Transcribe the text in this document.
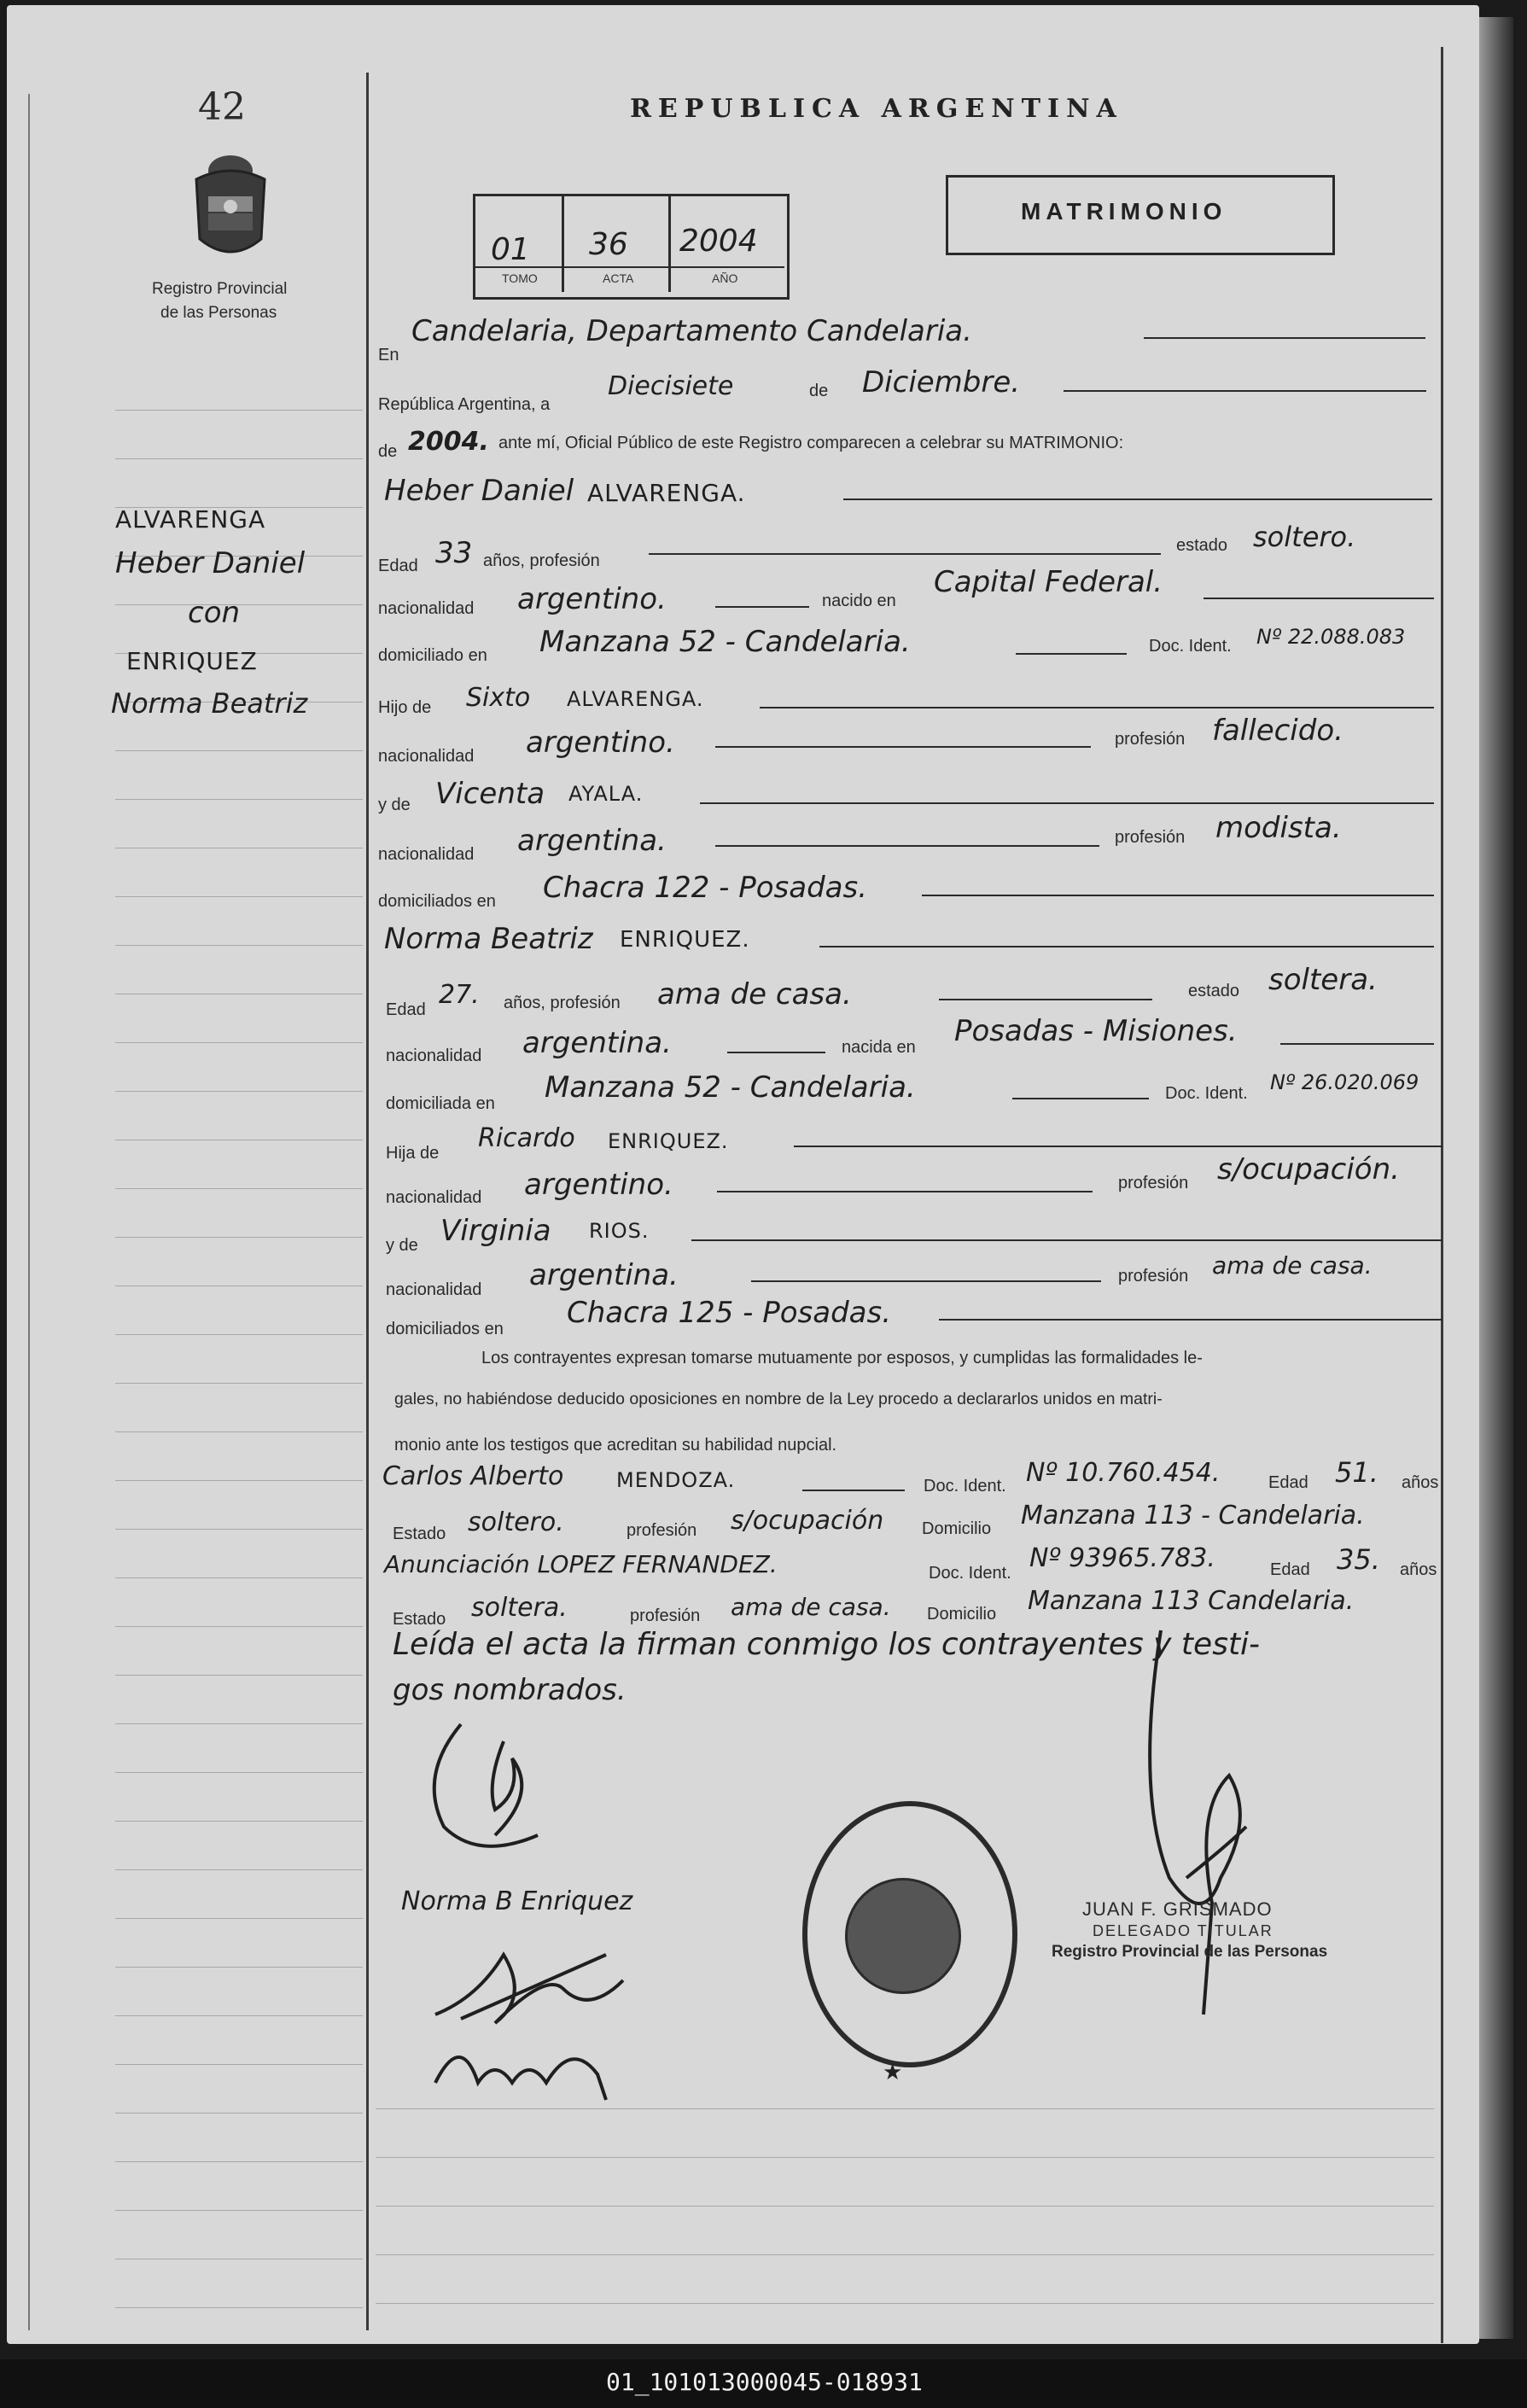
42
Registro Provincial
de las Personas
REPUBLICA ARGENTINA
01 36 2004
TOMO	ACTA	AÑO
MATRIMONIO
ALVARENGA
Heber Daniel
con
ENRIQUEZ
Norma Beatriz
En
Candelaria, Departamento Candelaria.
República Argentina, a
Diecisiete	de Diciembre.
de 2004. ante mí, Oficial Público de este Registro comparecen a celebrar su MATRIMONIO:
Heber Daniel ALVARENGA.
Edad 33 años, profesión
estado soltero.
nacionalidad argentino.	nacido en
Capital Federal.
domiciliado en Manzana 52 - Candelaria.	Doc. Ident. Nº 22.088.083
Hijo de Sixto ALVARENGA.
nacionalidad argentino.	profesión fallecido.
y de Vicenta AYALA.
nacionalidad argentina.	profesión modista.
domiciliados en Chacra 122 - Posadas.
Norma Beatriz ENRIQUEZ.
Edad 27. años, profesión ama de casa.	estado soltera.
nacionalidad argentina.	nacida en Posadas - Misiones.
domiciliada en Manzana 52 - Candelaria.	Doc. Ident. Nº 26.020.069
Hija de Ricardo ENRIQUEZ.
nacionalidad argentino.	profesión s/ocupación.
y de Virginia RIOS.
nacionalidad argentina.	profesión ama de casa.
domiciliados en Chacra 125 - Posadas.
Los contrayentes expresan tomarse mutuamente por esposos, y cumplidas las formalidades le-
gales, no habiéndose deducido oposiciones en nombre de la Ley procedo a declararlos unidos en matri-
monio ante los testigos que acreditan su habilidad nupcial.
Carlos Alberto	MENDOZA.	Doc. Ident. Nº 10.760.454.	Edad 51. años
Estado soltero.	profesión s/ocupación Domicilio Manzana 113 - Candelaria.
Anunciación LOPEZ FERNANDEZ.	Doc. Ident. Nº 93965.783.	Edad 35. años
Estado soltera.	profesión ama de casa. Domicilio Manzana 113 Candelaria.
Leída el acta la firman conmigo los contrayentes y testi-
gos nombrados.
Norma B Enriquez	JUAN F. GRISMADO
DELEGADO TITULAR
Registro Provincial de las Personas
★
01_101013000045-018931
